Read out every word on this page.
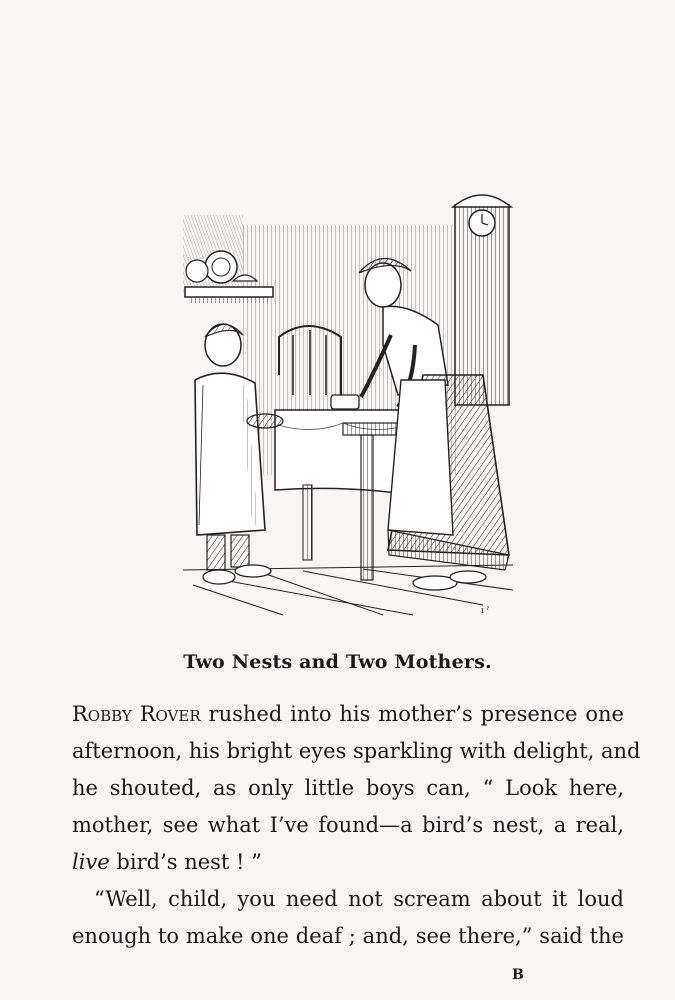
ı ˀ
Two Nests and Two Mothers.
Robby Rover rushed into his mother’s presence one
afternoon, his bright eyes sparkling with delight, and
he shouted, as only little boys can, “ Look here,
mother, see what I’ve found—a bird’s nest, a real,
live bird’s nest ! ”
“Well, child, you need not scream about it loud
enough to make one deaf ; and, see there,” said the
B
